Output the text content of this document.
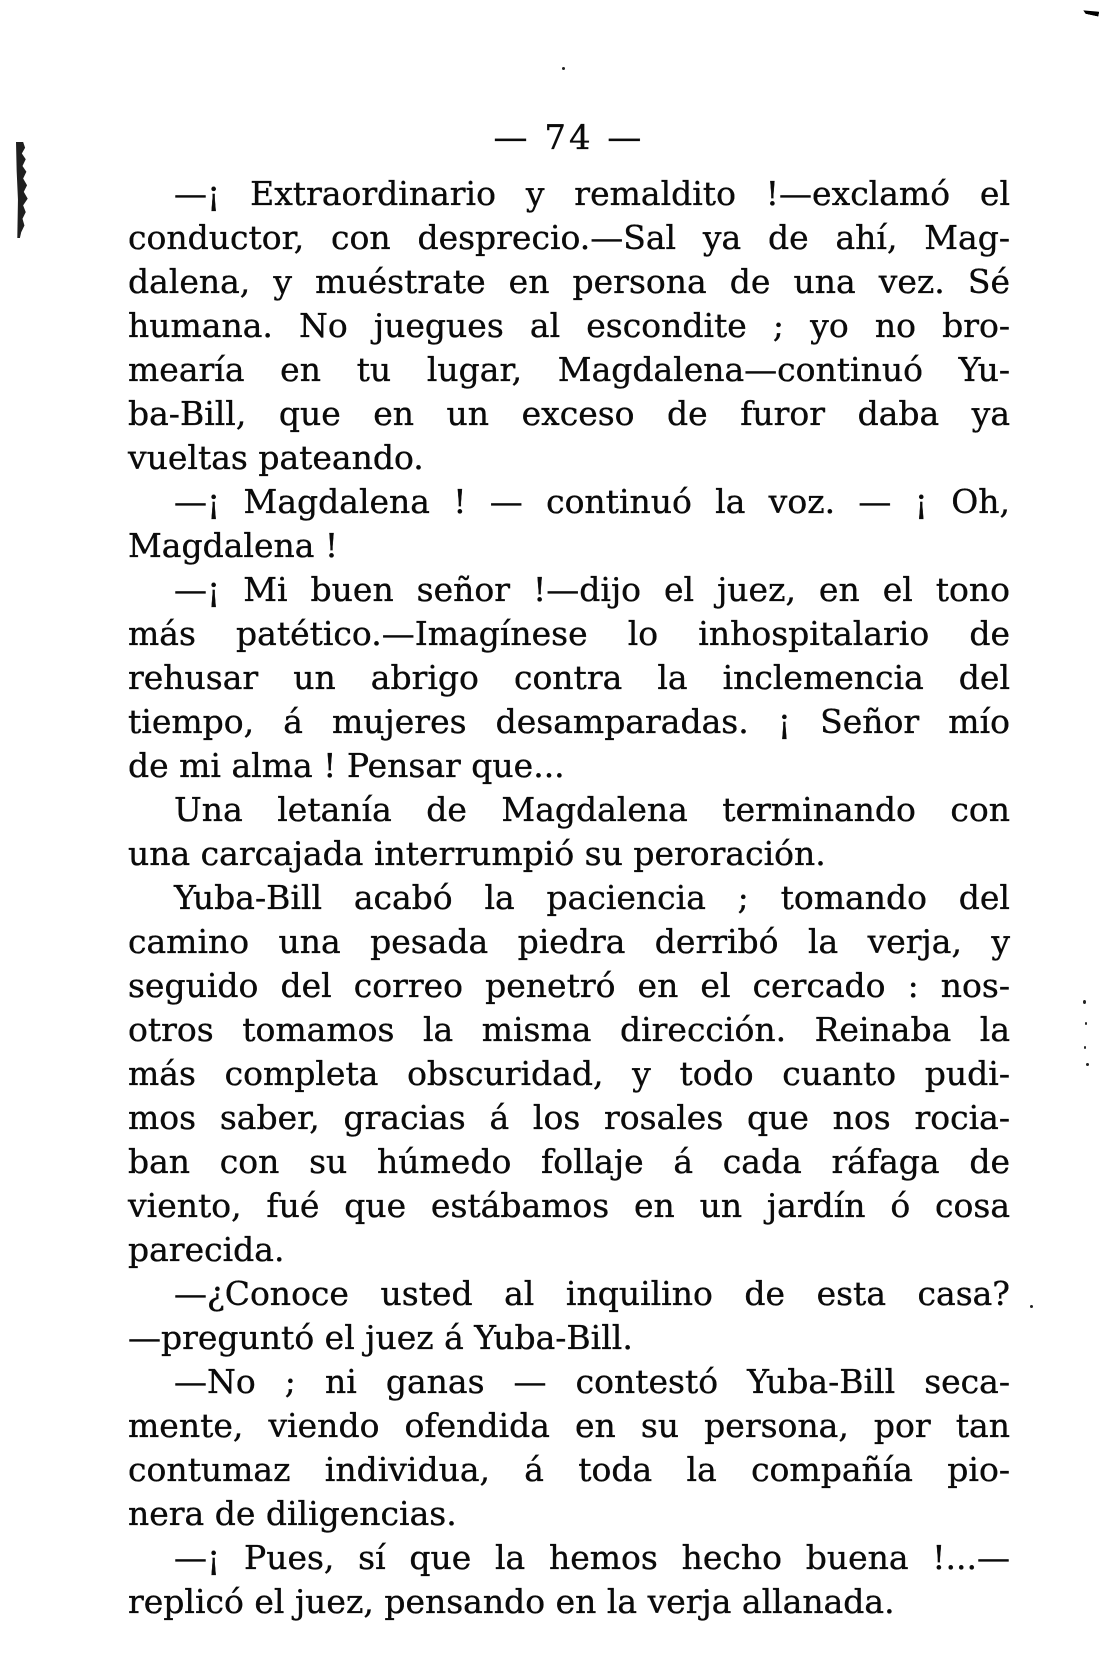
— 74 —
—¡ Extraordinario y remaldito !—exclamó el
conductor, con desprecio.—Sal ya de ahí, Mag-
dalena, y muéstrate en persona de una vez. Sé
humana. No juegues al escondite ; yo no bro-
mearía en tu lugar, Magdalena—continuó Yu-
ba-Bill, que en un exceso de furor daba ya
vueltas pateando.
—¡ Magdalena ! — continuó la voz. — ¡ Oh,
Magdalena !
—¡ Mi buen señor !—dijo el juez, en el tono
más patético.—Imagínese lo inhospitalario de
rehusar un abrigo contra la inclemencia del
tiempo, á mujeres desamparadas. ¡ Señor mío
de mi alma ! Pensar que...
Una letanía de Magdalena terminando con
una carcajada interrumpió su peroración.
Yuba-Bill acabó la paciencia ; tomando del
camino una pesada piedra derribó la verja, y
seguido del correo penetró en el cercado : nos-
otros tomamos la misma dirección. Reinaba la
más completa obscuridad, y todo cuanto pudi-
mos saber, gracias á los rosales que nos rocia-
ban con su húmedo follaje á cada ráfaga de
viento, fué que estábamos en un jardín ó cosa
parecida.
—¿Conoce usted al inquilino de esta casa?
—preguntó el juez á Yuba-Bill.
—No ; ni ganas — contestó Yuba-Bill seca-
mente, viendo ofendida en su persona, por tan
contumaz individua, á toda la compañía pio-
nera de diligencias.
—¡ Pues, sí que la hemos hecho buena !...—
replicó el juez, pensando en la verja allanada.
